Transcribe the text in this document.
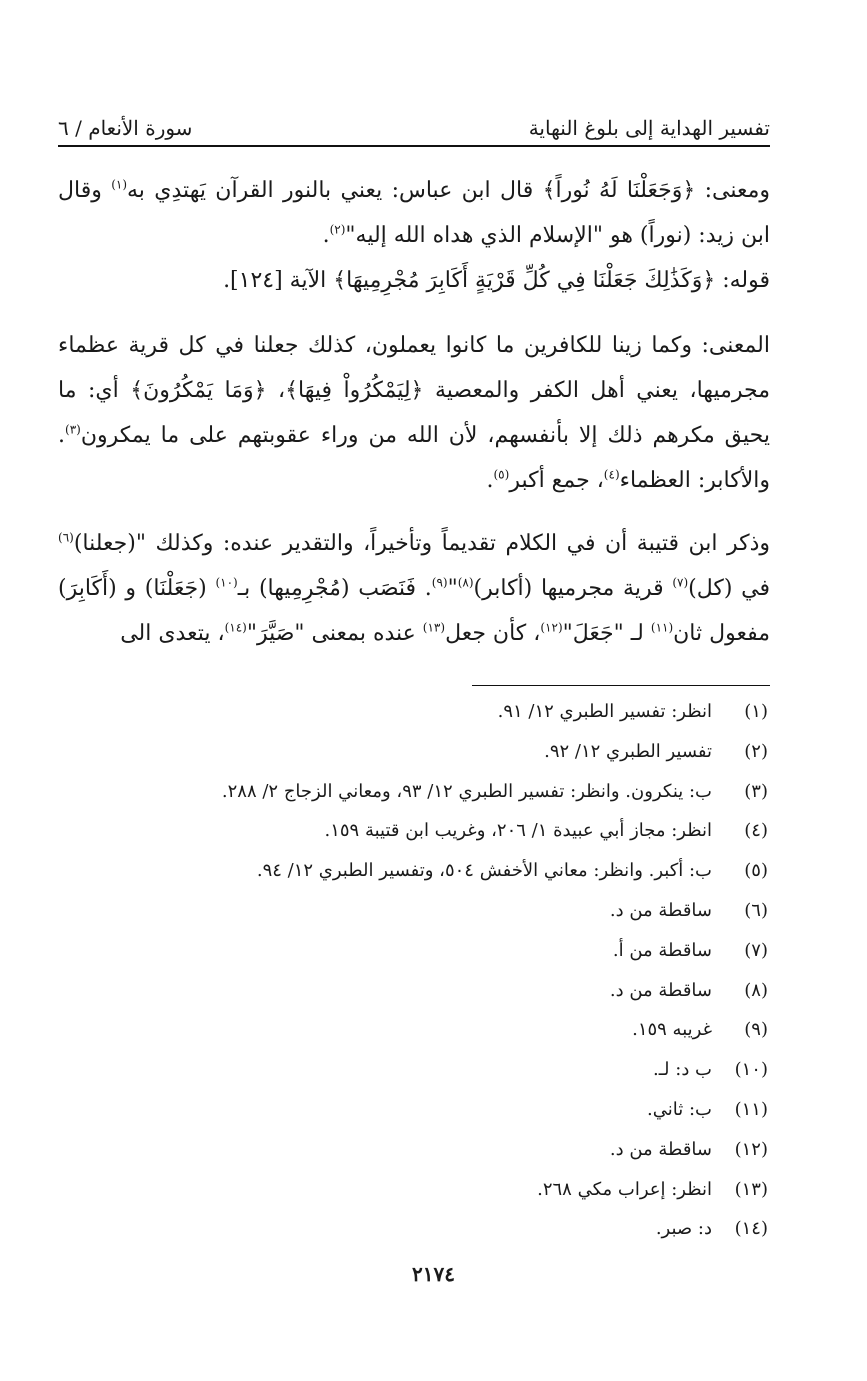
تفسير الهداية إلى بلوغ النهاية
سورة الأنعام / ٦

ومعنى: ﴿وَجَعَلْنَا لَهُ نُوراً﴾ قال ابن عباس: يعني بالنور القرآن يَهتدِي به$^{(١)}$ وقال ابن زيد: (نوراً) هو "الإسلام الذي هداه الله إليه"$^{(٢)}$.

قوله: ﴿وَكَذَٰلِكَ جَعَلْنَا فِي كُلِّ قَرْيَةٍ أَكَابِرَ مُجْرِمِيهَا﴾ الآية [١٢٤].

المعنى: وكما زينا للكافرين ما كانوا يعملون، كذلك جعلنا في كل قرية عظماء مجرميها، يعني أهل الكفر والمعصية ﴿لِيَمْكُرُواْ فِيهَا﴾، ﴿وَمَا يَمْكُرُونَ﴾ أي: ما يحيق مكرهم ذلك إلا بأنفسهم، لأن الله من وراء عقوبتهم على ما يمكرون$^{(٣)}$. والأكابر: العظماء$^{(٤)}$، جمع أكبر$^{(٥)}$.

وذكر ابن قتيبة أن في الكلام تقديماً وتأخيراً، والتقدير عنده: وكذلك "(جعلنا)$^{(٦)}$ في (كل)$^{(٧)}$ قرية مجرميها (أكابر)$^{(٨)}$"$^{(٩)}$. فَنَصَب (مُجْرِمِيها) بـ$^{(١٠)}$ (جَعَلْنَا) و (أَكَابِرَ) مفعول ثان$^{(١١)}$ لـ "جَعَلَ"$^{(١٢)}$، كأن جعل$^{(١٣)}$ عنده بمعنى "صَيَّرَ"$^{(١٤)}$، يتعدى الى

(١)
انظر: تفسير الطبري ١٢/ ٩١.
(٢)
تفسير الطبري ١٢/ ٩٢.
(٣)
ب: ينكرون. وانظر: تفسير الطبري ١٢/ ٩٣، ومعاني الزجاج ٢/ ٢٨٨.
(٤)
انظر: مجاز أبي عبيدة ١/ ٢٠٦، وغريب ابن قتيبة ١٥٩.
(٥)
ب: أكبر. وانظر: معاني الأخفش ٥٠٤، وتفسير الطبري ١٢/ ٩٤.
(٦)
ساقطة من د.
(٧)
ساقطة من أ.
(٨)
ساقطة من د.
(٩)
غريبه ١٥٩.
(١٠)
ب د: لـ.
(١١)
ب: ثاني.
(١٢)
ساقطة من د.
(١٣)
انظر: إعراب مكي ٢٦٨.
(١٤)
د: صبر.
٢١٧٤
